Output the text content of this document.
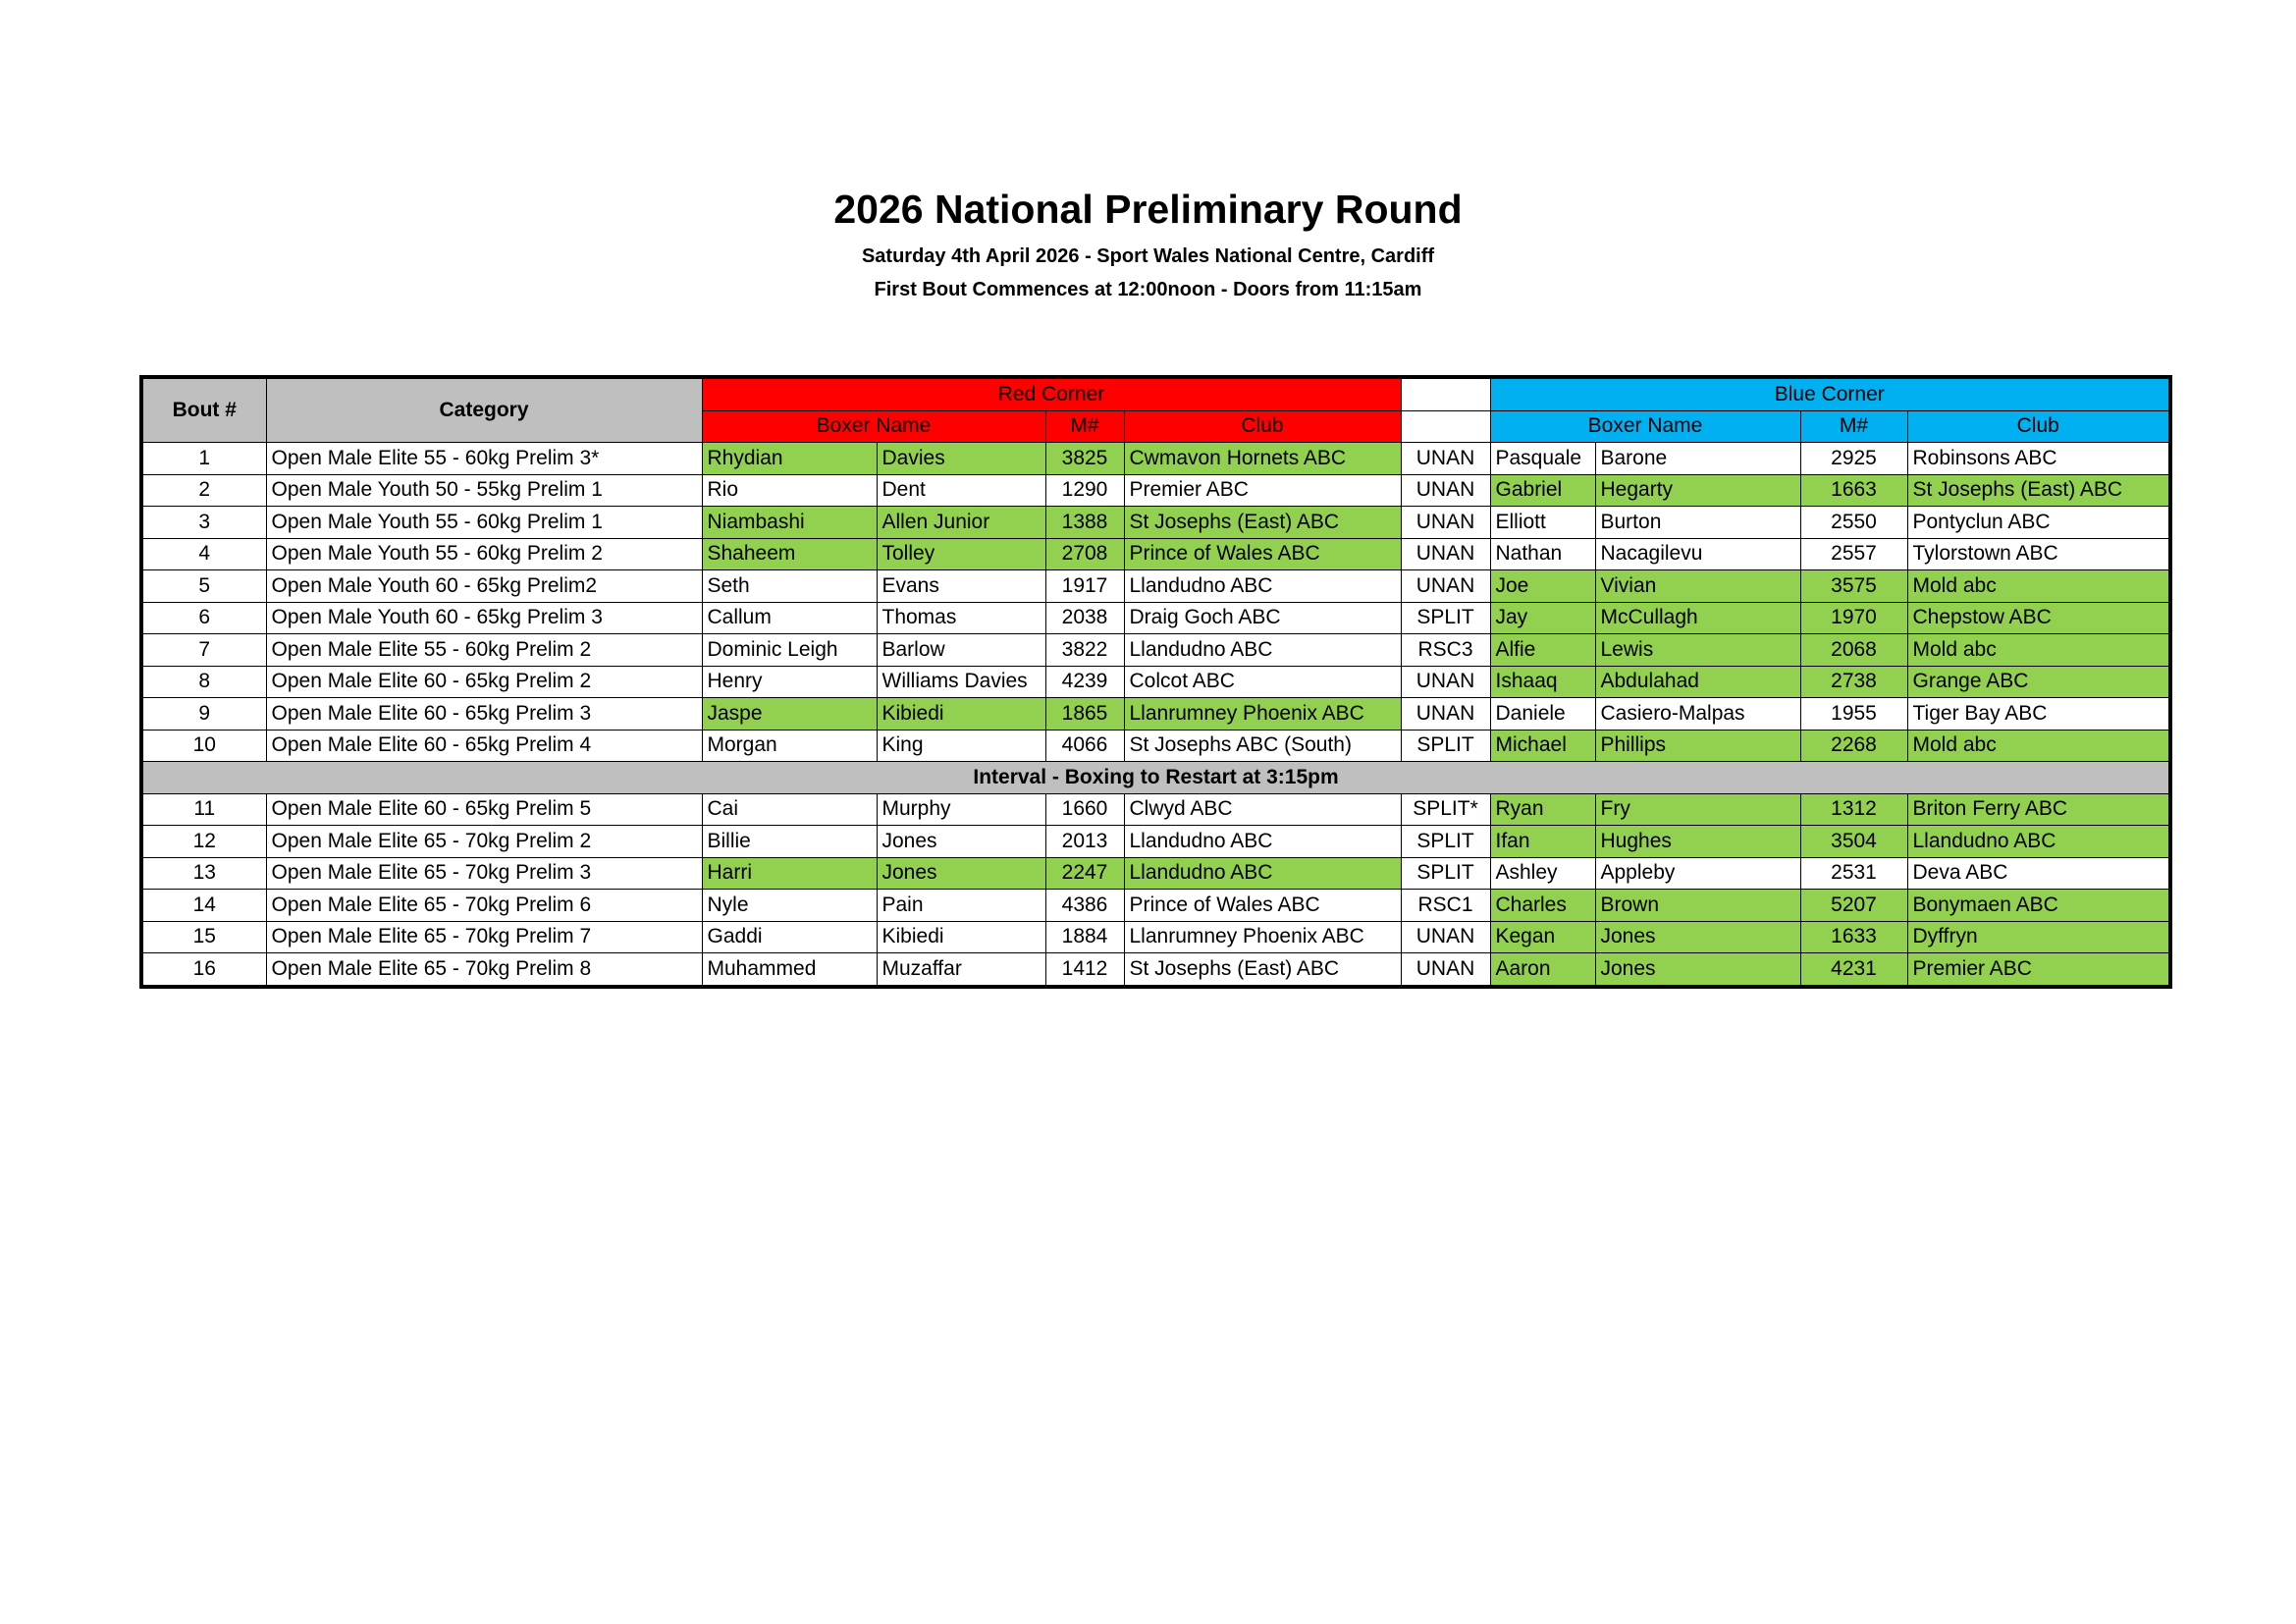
2026 National Preliminary Round
Saturday 4th April 2026 - Sport Wales National Centre, Cardiff
First Bout Commences at 12:00noon - Doors from 11:15am
Bout #	Category	Red Corner					Blue Corner			
		Boxer Name		M#	Club		Boxer Name		M#	Club
1	Open Male Elite 55 - 60kg Prelim 3*	Rhydian	Davies	3825	Cwmavon Hornets ABC	UNAN	Pasquale	Barone	2925	Robinsons ABC
2	Open Male Youth 50 - 55kg Prelim 1	Rio	Dent	1290	Premier ABC	UNAN	Gabriel	Hegarty	1663	St Josephs (East) ABC
3	Open Male Youth 55 - 60kg Prelim 1	Niambashi	Allen Junior	1388	St Josephs (East) ABC	UNAN	Elliott	Burton	2550	Pontyclun ABC
4	Open Male Youth 55 - 60kg Prelim 2	Shaheem	Tolley	2708	Prince of Wales ABC	UNAN	Nathan	Nacagilevu	2557	Tylorstown ABC
5	Open Male Youth 60 - 65kg Prelim2	Seth	Evans	1917	Llandudno ABC	UNAN	Joe	Vivian	3575	Mold abc
6	Open Male Youth 60 - 65kg Prelim 3	Callum	Thomas	2038	Draig Goch ABC	SPLIT	Jay	McCullagh	1970	Chepstow ABC
7	Open Male Elite 55 - 60kg Prelim 2	Dominic Leigh	Barlow	3822	Llandudno ABC	RSC3	Alfie	Lewis	2068	Mold abc
8	Open Male Elite 60 - 65kg Prelim 2	Henry	Williams Davies	4239	Colcot ABC	UNAN	Ishaaq	Abdulahad	2738	Grange ABC
9	Open Male Elite 60 - 65kg Prelim 3	Jaspe	Kibiedi	1865	Llanrumney Phoenix ABC	UNAN	Daniele	Casiero-Malpas	1955	Tiger Bay ABC
10	Open Male Elite 60 - 65kg Prelim 4	Morgan	King	4066	St Josephs ABC (South)	SPLIT	Michael	Phillips	2268	Mold abc
Interval - Boxing to Restart at 3:15pm										
11	Open Male Elite 60 - 65kg Prelim 5	Cai	Murphy	1660	Clwyd ABC	SPLIT*	Ryan	Fry	1312	Briton Ferry ABC
12	Open Male Elite 65 - 70kg Prelim 2	Billie	Jones	2013	Llandudno ABC	SPLIT	Ifan	Hughes	3504	Llandudno ABC
13	Open Male Elite 65 - 70kg Prelim 3	Harri	Jones	2247	Llandudno ABC	SPLIT	Ashley	Appleby	2531	Deva ABC
14	Open Male Elite 65 - 70kg Prelim 6	Nyle	Pain	4386	Prince of Wales ABC	RSC1	Charles	Brown	5207	Bonymaen ABC
15	Open Male Elite 65 - 70kg Prelim 7	Gaddi	Kibiedi	1884	Llanrumney Phoenix ABC	UNAN	Kegan	Jones	1633	Dyffryn
16	Open Male Elite 65 - 70kg Prelim 8	Muhammed	Muzaffar	1412	St Josephs (East) ABC	UNAN	Aaron	Jones	4231	Premier ABC
